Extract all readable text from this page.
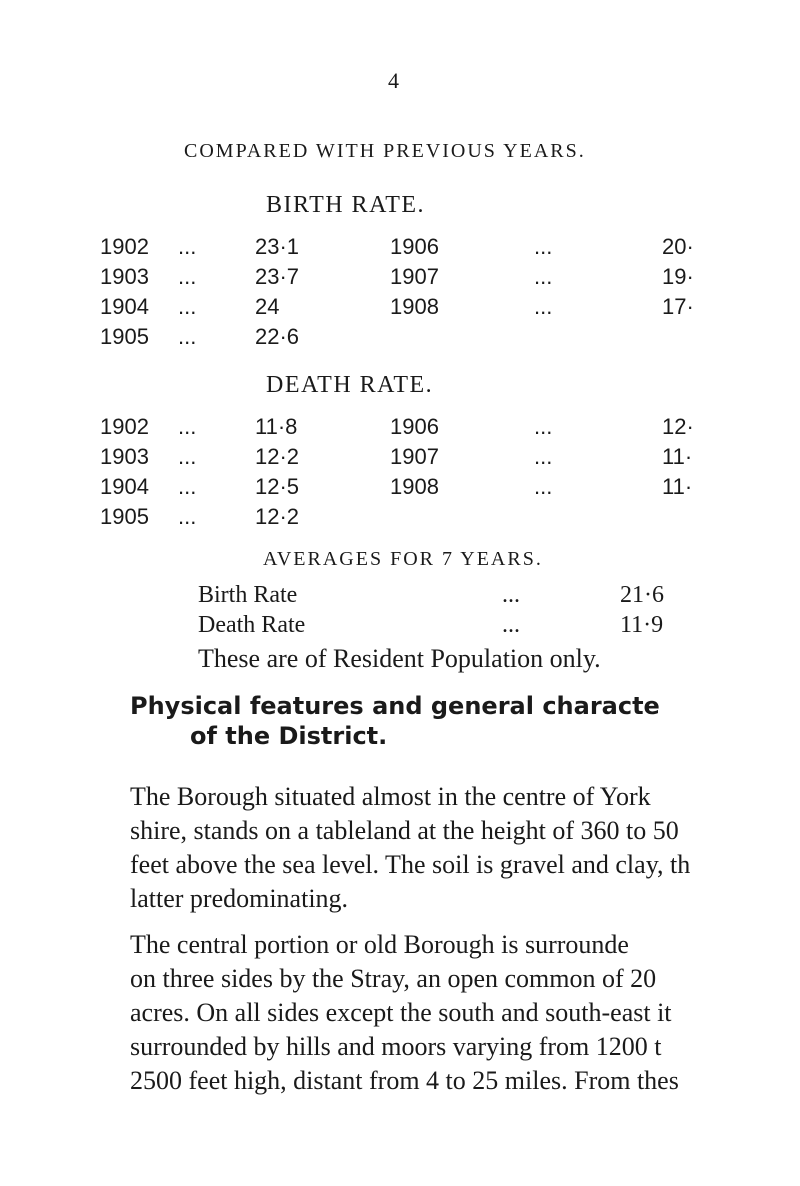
4
COMPARED WITH PREVIOUS YEARS.
BIRTH RATE.
1902 ...	23·1	1906	...	20·
1903 ...	23·7	1907	...	19·
1904 ...	24	1908	...	17·
1905 ...	22·6
DEATH RATE.
1902 ...	11·8	1906	...	12·
1903 ...	12·2	1907	...	11·
1904 ...	12·5	1908	...	11·
1905 ...	12·2
AVERAGES FOR 7 YEARS.
Birth Rate	...	21·6
Death Rate	...	11·9
These are of Resident Population only.
Physical features and general characte
of the District.
The Borough situated almost in the centre of York
shire, stands on a tableland at the height of 360 to 50
feet above the sea level. The soil is gravel and clay, th
latter predominating.
The central portion or old Borough is surrounde
on three sides by the Stray, an open common of 20
acres. On all sides except the south and south-east it
surrounded by hills and moors varying from 1200 t
2500 feet high, distant from 4 to 25 miles. From thes
